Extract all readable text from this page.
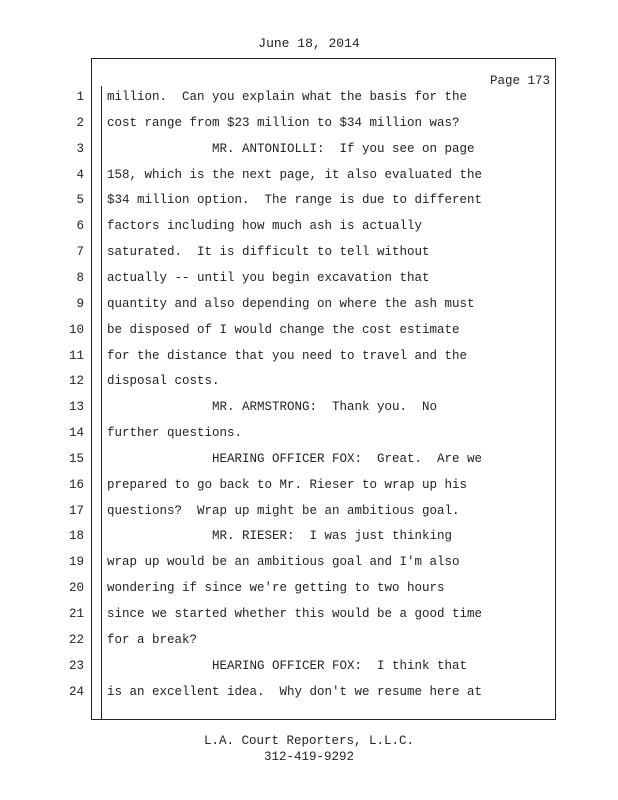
June 18, 2014
Page 173
1 million.  Can you explain what the basis for the
2 cost range from $23 million to $34 million was?
3 MR. ANTONIOLLI:  If you see on page
4 158, which is the next page, it also evaluated the
5 $34 million option.  The range is due to different
6 factors including how much ash is actually
7 saturated.  It is difficult to tell without
8 actually -- until you begin excavation that
9 quantity and also depending on where the ash must
10 be disposed of I would change the cost estimate
11 for the distance that you need to travel and the
12 disposal costs.
13 MR. ARMSTRONG:  Thank you.  No
14 further questions.
15 HEARING OFFICER FOX:  Great.  Are we
16 prepared to go back to Mr. Rieser to wrap up his
17 questions?  Wrap up might be an ambitious goal.
18 MR. RIESER:  I was just thinking
19 wrap up would be an ambitious goal and I'm also
20 wondering if since we're getting to two hours
21 since we started whether this would be a good time
22 for a break?
23 HEARING OFFICER FOX:  I think that
24 is an excellent idea.  Why don't we resume here at
L.A. Court Reporters, L.L.C.
312-419-9292
